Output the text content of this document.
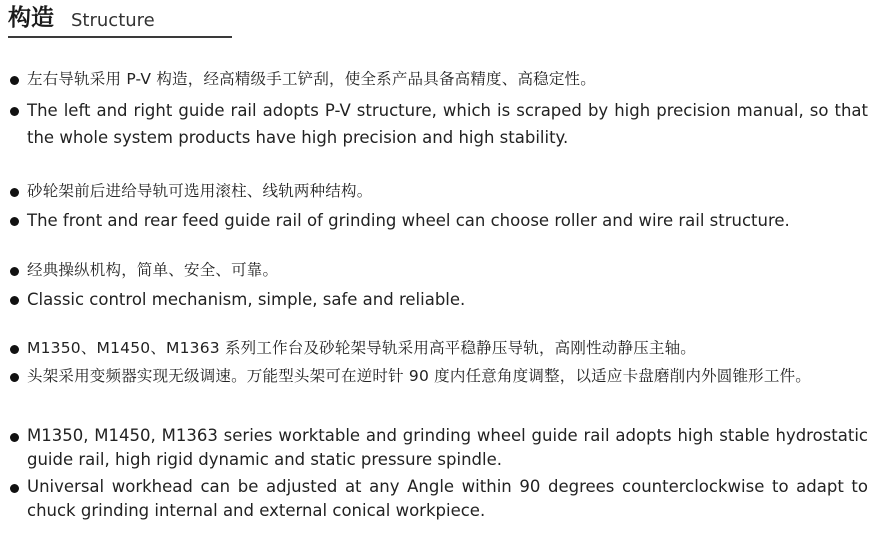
构造 Structure

左右导轨采用 P-V 构造，经高精级手工铲刮，使全系产品具备高精度、高稳定性。

The left and right guide rail adopts P-V structure, which is scraped by high precision manual, so that the whole system products have high precision and high stability.

砂轮架前后进给导轨可选用滚柱、线轨两种结构。

The front and rear feed guide rail of grinding wheel can choose roller and wire rail structure.

经典操纵机构，简单、安全、可靠。

Classic control mechanism, simple, safe and reliable.

M1350、M1450、M1363 系列工作台及砂轮架导轨采用高平稳静压导轨，高刚性动静压主轴。

头架采用变频器实现无级调速。万能型头架可在逆时针 90 度内任意角度调整，以适应卡盘磨削内外圆锥形工件。

M1350, M1450, M1363 series worktable and grinding wheel guide rail adopts high stable hydrostatic guide rail, high rigid dynamic and static pressure spindle.

Universal workhead can be adjusted at any Angle within 90 degrees counterclockwise to adapt to chuck grinding internal and external conical workpiece.
